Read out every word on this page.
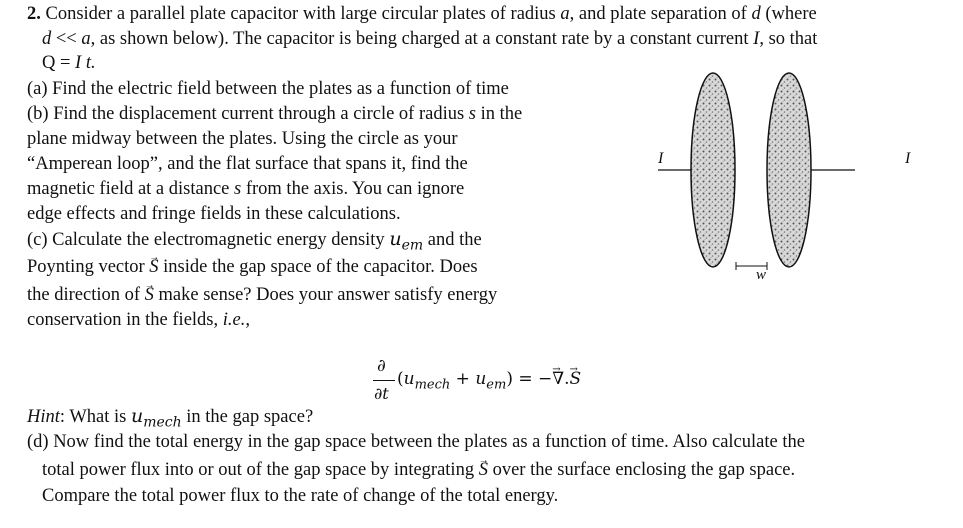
2. Consider a parallel plate capacitor with large circular plates of radius a, and plate separation of d (where
d << a, as shown below). The capacitor is being charged at a constant rate by a constant current I, so that
Q = I t.
(a) Find the electric field between the plates as a function of time
(b) Find the displacement current through a circle of radius s in the
plane midway between the plates. Using the circle as your
“Amperean loop”, and the flat surface that spans it, find the
magnetic field at a distance s from the axis. You can ignore
edge effects and fringe fields in these calculations.
(c) Calculate the electromagnetic energy density $u_{em}$ and the
Poynting vector → S inside the gap space of the capacitor. Does
the direction of → S make sense? Does your answer satisfy energy
conservation in the fields, i.e.,
∂
∂t
$(u_{mech} + u_{em})$ = −→ ∇.→ S
Hint: What is $u_{mech}$ in the gap space?
(d) Now find the total energy in the gap space between the plates as a function of time. Also calculate the
total power flux into or out of the gap space by integrating → S over the surface enclosing the gap space.
Compare the total power flux to the rate of change of the total energy.
I	I
w
